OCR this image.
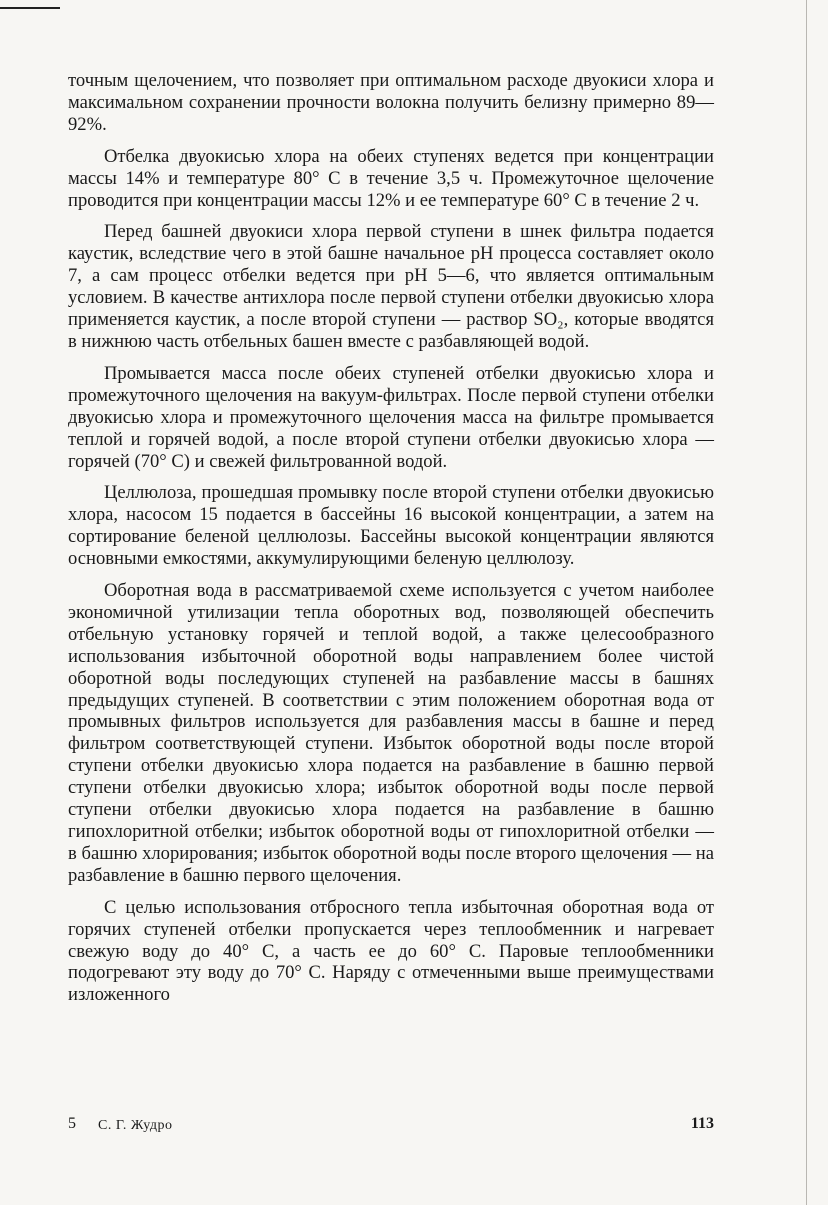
точным щелочением, что позволяет при оптимальном расходе двуокиси хлора и максимальном сохранении прочности волокна получить белизну примерно 89—92%.

Отбелка двуокисью хлора на обеих ступенях ведется при концентрации массы 14% и температуре 80° С в течение 3,5 ч. Промежуточное щелочение проводится при концентрации массы 12% и ее температуре 60° С в течение 2 ч.

Перед башней двуокиси хлора первой ступени в шнек фильтра подается каустик, вследствие чего в этой башне начальное pH процесса составляет около 7, а сам процесс отбелки ведется при pH 5—6, что является оптимальным условием. В качестве антихлора после первой ступени отбелки двуокисью хлора применяется каустик, а после второй ступени — раствор SO₂, которые вводятся в нижнюю часть отбельных башен вместе с разбавляющей водой.

Промывается масса после обеих ступеней отбелки двуокисью хлора и промежуточного щелочения на вакуум-фильтрах. После первой ступени отбелки двуокисью хлора и промежуточного щелочения масса на фильтре промывается теплой и горячей водой, а после второй ступени отбелки двуокисью хлора — горячей (70° С) и свежей фильтрованной водой.

Целлюлоза, прошедшая промывку после второй ступени отбелки двуокисью хлора, насосом 15 подается в бассейны 16 высокой концентрации, а затем на сортирование беленой целлюлозы. Бассейны высокой концентрации являются основными емкостями, аккумулирующими беленую целлюлозу.

Оборотная вода в рассматриваемой схеме используется с учетом наиболее экономичной утилизации тепла оборотных вод, позволяющей обеспечить отбельную установку горячей и теплой водой, а также целесообразного использования избыточной оборотной воды направлением более чистой оборотной воды последующих ступеней на разбавление массы в башнях предыдущих ступеней. В соответствии с этим положением оборотная вода от промывных фильтров используется для разбавления массы в башне и перед фильтром соответствующей ступени. Избыток оборотной воды после второй ступени отбелки двуокисью хлора подается на разбавление в башню первой ступени отбелки двуокисью хлора; избыток оборотной воды после первой ступени отбелки двуокисью хлора подается на разбавление в башню гипохлоритной отбелки; избыток оборотной воды от гипохлоритной отбелки — в башню хлорирования; избыток оборотной воды после второго щелочения — на разбавление в башню первого щелочения.

С целью использования отбросного тепла избыточная оборотная вода от горячих ступеней отбелки пропускается через теплообменник и нагревает свежую воду до 40° С, а часть ее до 60° С. Паровые теплообменники подогревают эту воду до 70° С. Наряду с отмеченными выше преимуществами изложенного

5 С. Г. Жудро	113
